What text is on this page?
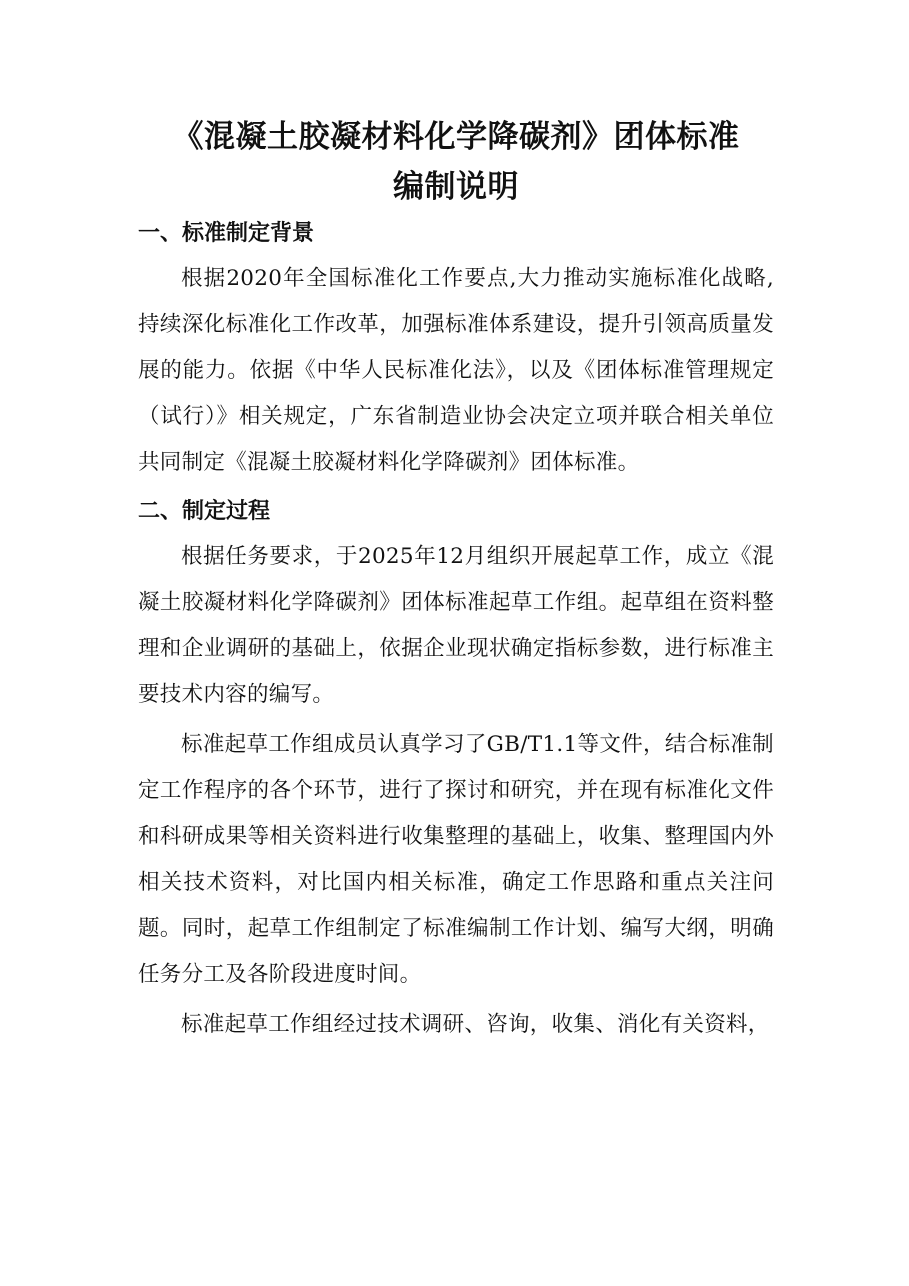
《混凝土胶凝材料化学降碳剂》团体标准
编制说明
一、标准制定背景

根据2020年全国标准化工作要点,大力推动实施标准化战略,持续深化标准化工作改革，加强标准体系建设，提升引领高质量发展的能力。依据《中华人民标准化法》，以及《团体标准管理规定（试行）》相关规定，广东省制造业协会决定立项并联合相关单位共同制定《混凝土胶凝材料化学降碳剂》团体标准。

二、制定过程

根据任务要求，于2025年12月组织开展起草工作，成立《混凝土胶凝材料化学降碳剂》团体标准起草工作组。起草组在资料整理和企业调研的基础上，依据企业现状确定指标参数，进行标准主要技术内容的编写。

标准起草工作组成员认真学习了GB/T1.1等文件，结合标准制定工作程序的各个环节，进行了探讨和研究，并在现有标准化文件和科研成果等相关资料进行收集整理的基础上，收集、整理国内外相关技术资料，对比国内相关标准，确定工作思路和重点关注问题。同时，起草工作组制定了标准编制工作计划、编写大纲，明确任务分工及各阶段进度时间。

标准起草工作组经过技术调研、咨询，收集、消化有关资料，
